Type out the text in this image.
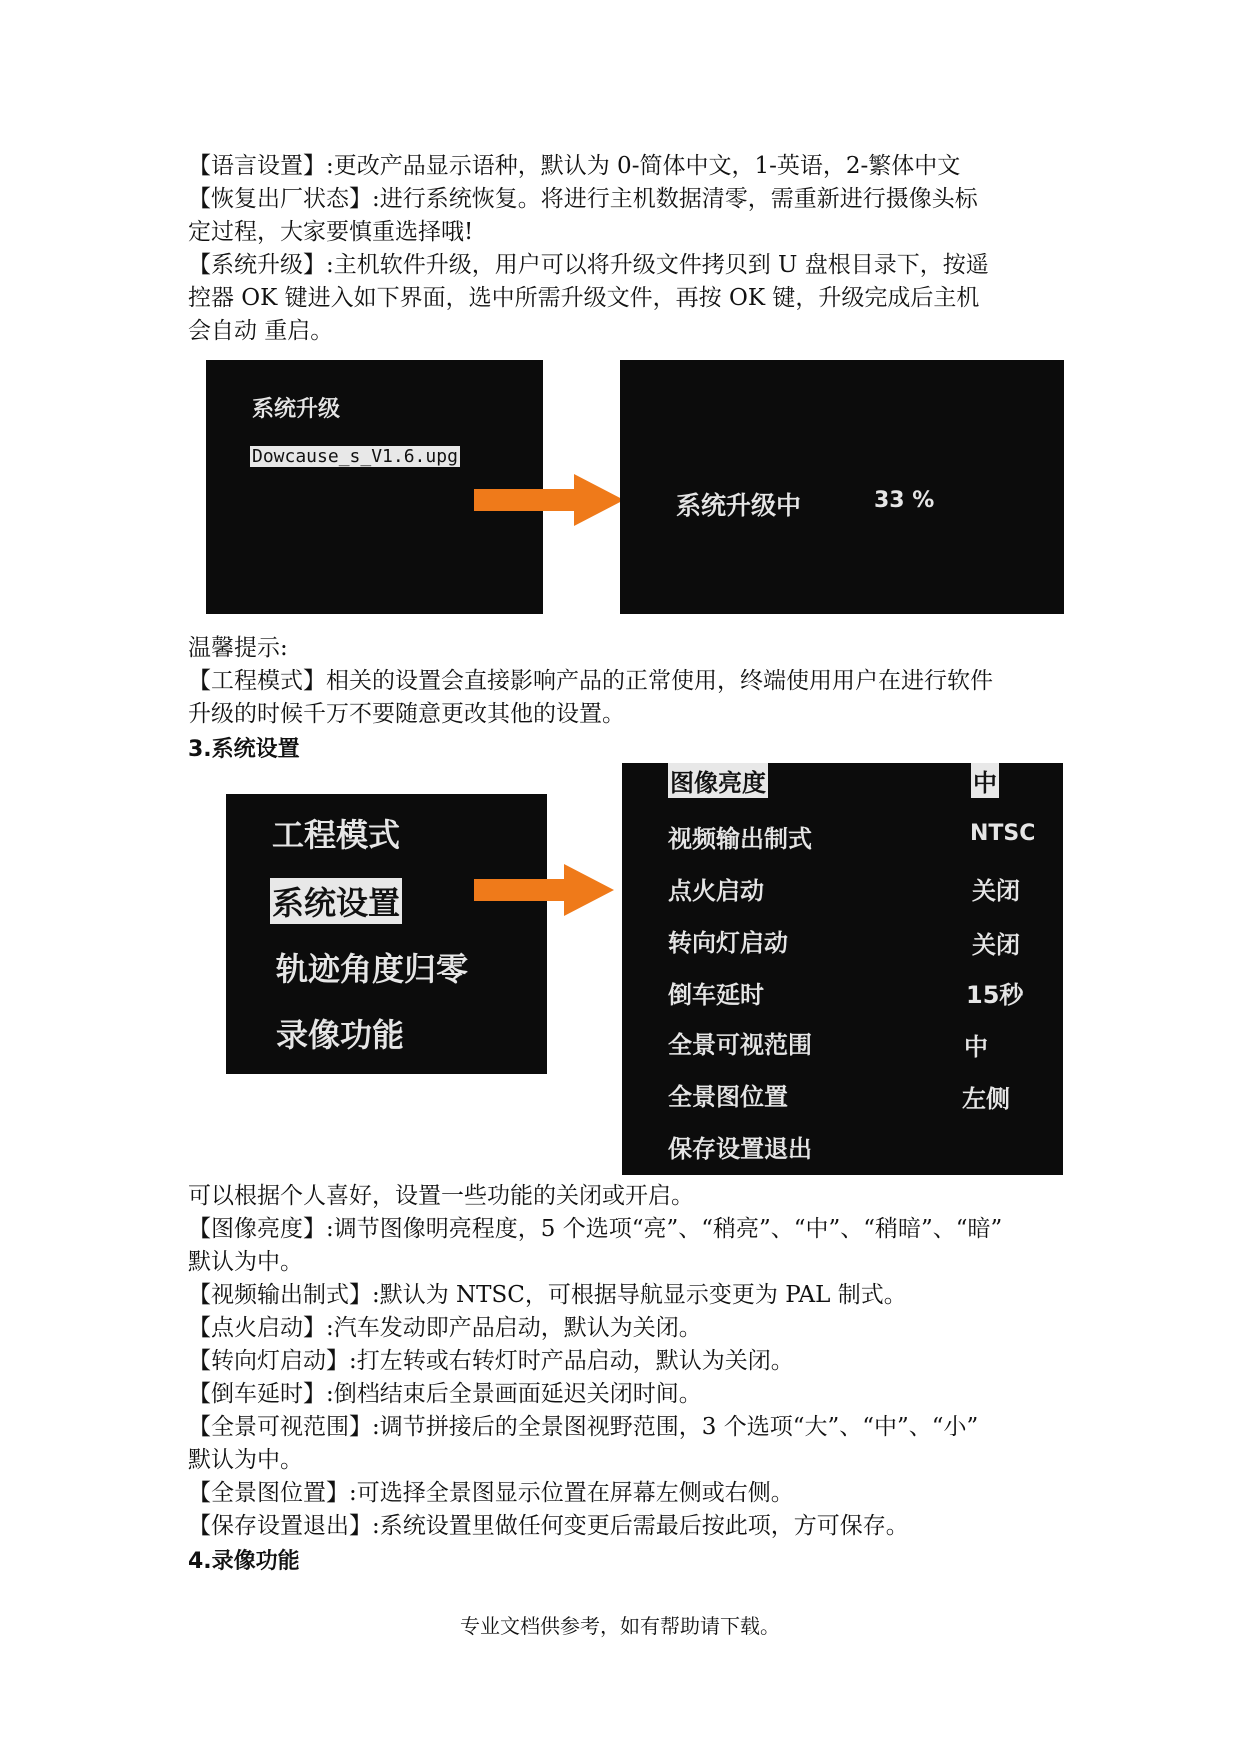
【语言设置】:更改产品显示语种，默认为 0-简体中文，1-英语，2-繁体中文

【恢复出厂状态】:进行系统恢复。将进行主机数据清零，需重新进行摄像头标

定过程，大家要慎重选择哦!

【系统升级】:主机软件升级，用户可以将升级文件拷贝到 U 盘根目录下，按遥

控器 OK 键进入如下界面，选中所需升级文件，再按 OK 键，升级完成后主机

会自动 重启。

系统升级
Dowcause_s_V1.6.upg
系统升级中	33 %

温馨提示:

【工程模式】相关的设置会直接影响产品的正常使用，终端使用用户在进行软件

升级的时候千万不要随意更改其他的设置。

3.系统设置
工程模式
系统设置
轨迹角度归零
录像功能
图像亮度	中
视频输出制式	NTSC
点火启动	关闭
转向灯启动	关闭
倒车延时	15秒
全景可视范围	中
全景图位置	左侧
保存设置退出

可以根据个人喜好，设置一些功能的关闭或开启。

【图像亮度】:调节图像明亮程度，5 个选项“亮”、“稍亮”、“中”、“稍暗”、“暗”

默认为中。

【视频输出制式】:默认为 NTSC，可根据导航显示变更为 PAL 制式。

【点火启动】:汽车发动即产品启动，默认为关闭。

【转向灯启动】:打左转或右转灯时产品启动，默认为关闭。

【倒车延时】:倒档结束后全景画面延迟关闭时间。

【全景可视范围】:调节拼接后的全景图视野范围，3 个选项“大”、“中”、“小”

默认为中。

【全景图位置】:可选择全景图显示位置在屏幕左侧或右侧。

【保存设置退出】:系统设置里做任何变更后需最后按此项，方可保存。

4.录像功能
专业文档供参考，如有帮助请下载。
